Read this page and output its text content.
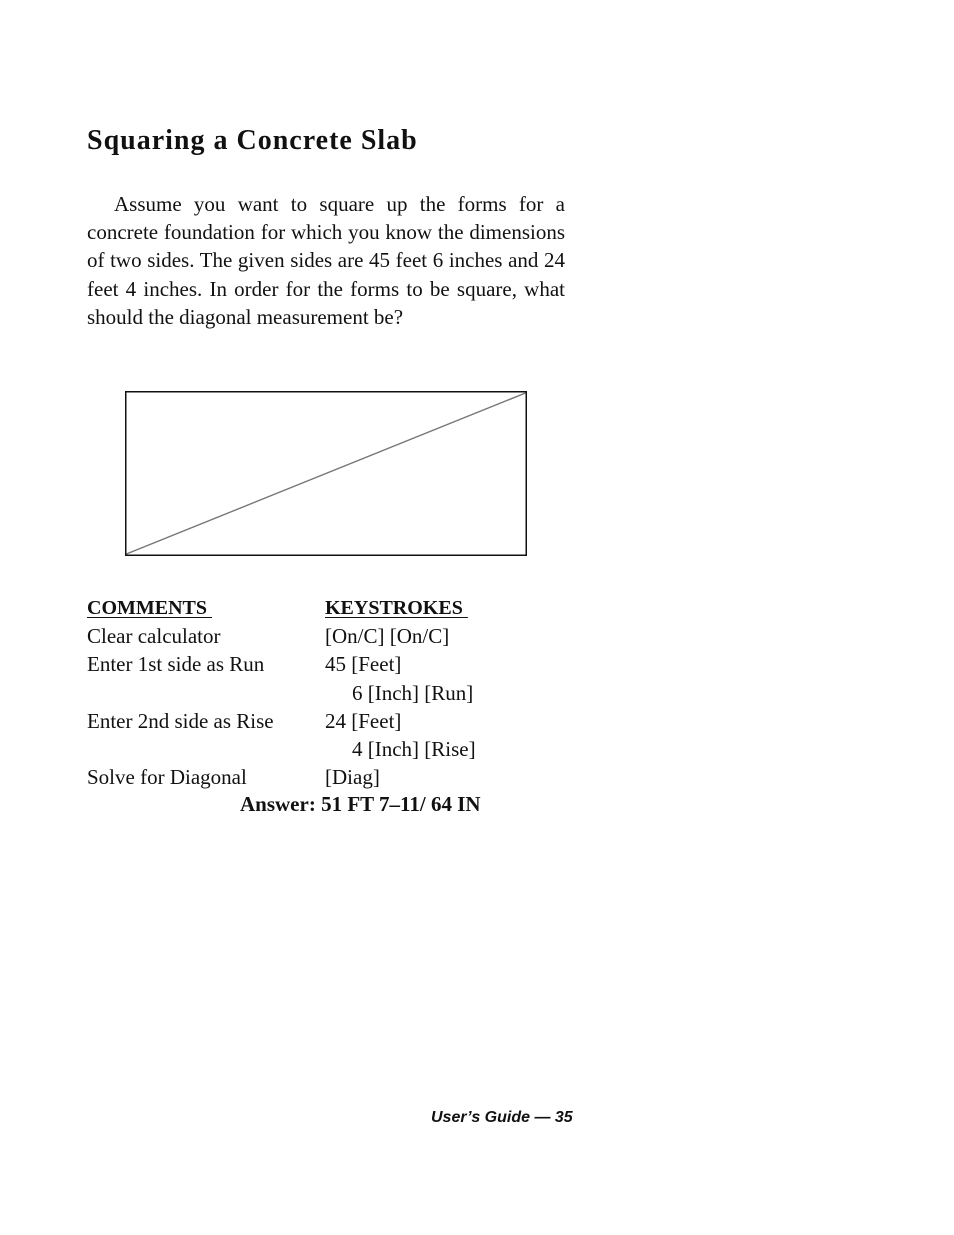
Squaring a Concrete Slab

Assume you want to square up the forms for a concrete foundation for which you know the dimensions of two sides. The given sides are 45 feet 6 inches and 24 feet 4 inches. In order for the forms to be square, what should the diagonal measurement be?

COMMENTS	KEYSTROKES
Clear calculator	[On/C] [On/C]
Enter 1st side as Run	45 [Feet]
6 [Inch] [Run]
Enter 2nd side as Rise 24 [Feet]
4 [Inch] [Rise]
Solve for Diagonal	[Diag]
Answer: 51 FT 7–11/ 64 IN
User’s Guide — 35
